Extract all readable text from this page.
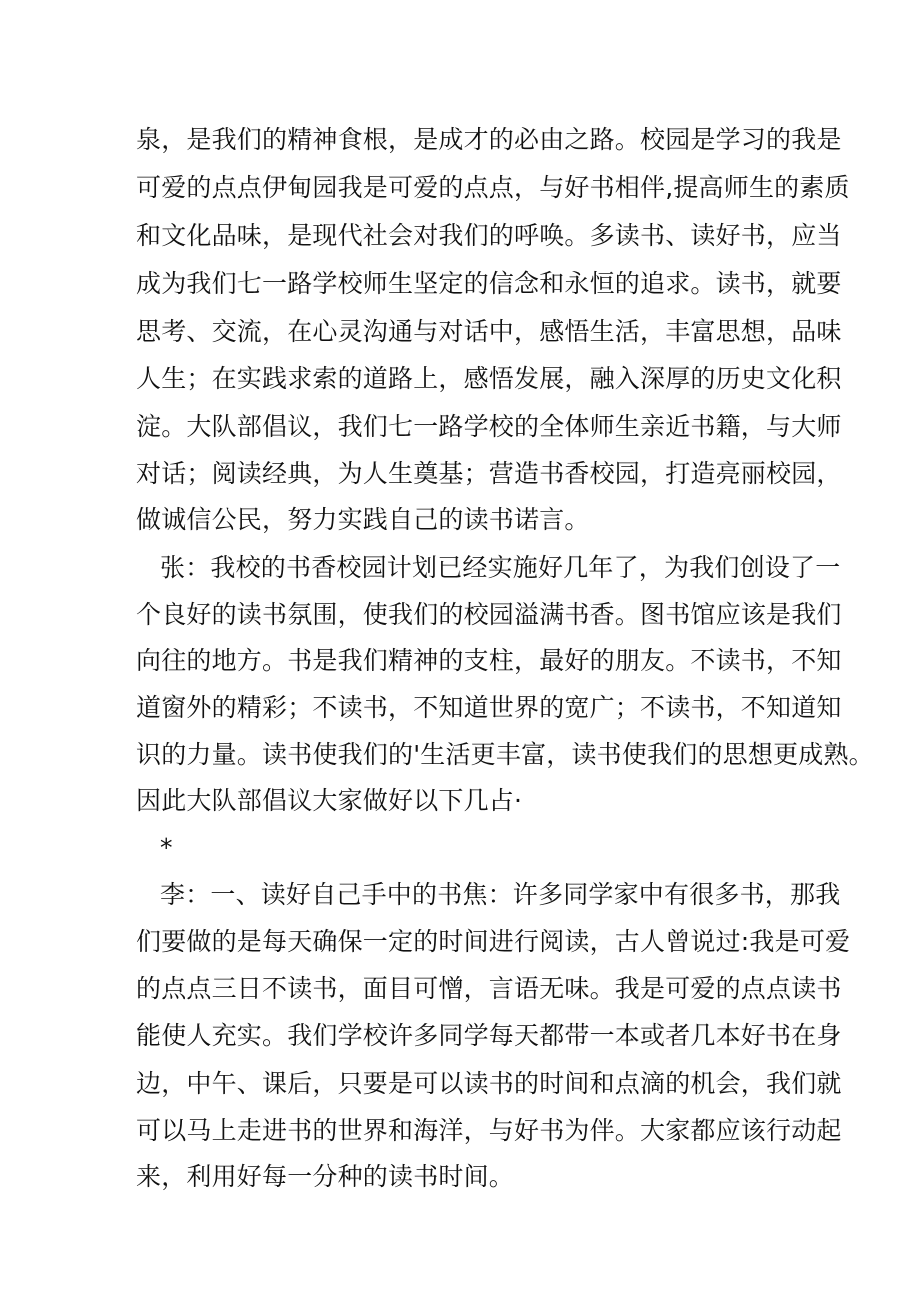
泉，是我们的精神食根，是成才的必由之路。校园是学习的我是
可爱的点点伊甸园我是可爱的点点，与好书相伴,提高师生的素质
和文化品味，是现代社会对我们的呼唤。多读书、读好书，应当
成为我们七一路学校师生坚定的信念和永恒的追求。读书，就要
思考、交流，在心灵沟通与对话中，感悟生活，丰富思想，品味
人生；在实践求索的道路上，感悟发展，融入深厚的历史文化积
淀。大队部倡议，我们七一路学校的全体师生亲近书籍，与大师
对话；阅读经典，为人生奠基；营造书香校园，打造亮丽校园，
做诚信公民，努力实践自己的读书诺言。
张：我校的书香校园计划已经实施好几年了，为我们创设了一
个良好的读书氛围，使我们的校园溢满书香。图书馆应该是我们
向往的地方。书是我们精神的支柱，最好的朋友。不读书，不知
道窗外的精彩；不读书，不知道世界的宽广；不读书，不知道知
识的力量。读书使我们的'生活更丰富，读书使我们的思想更成熟。
因此大队部倡议大家做好以下几占·
*
李：一、读好自己手中的书焦：许多同学家中有很多书，那我
们要做的是每天确保一定的时间进行阅读，古人曾说过:我是可爱
的点点三日不读书，面目可憎，言语无味。我是可爱的点点读书
能使人充实。我们学校许多同学每天都带一本或者几本好书在身
边，中午、课后，只要是可以读书的时间和点滴的机会，我们就
可以马上走进书的世界和海洋，与好书为伴。大家都应该行动起
来，利用好每一分种的读书时间。
